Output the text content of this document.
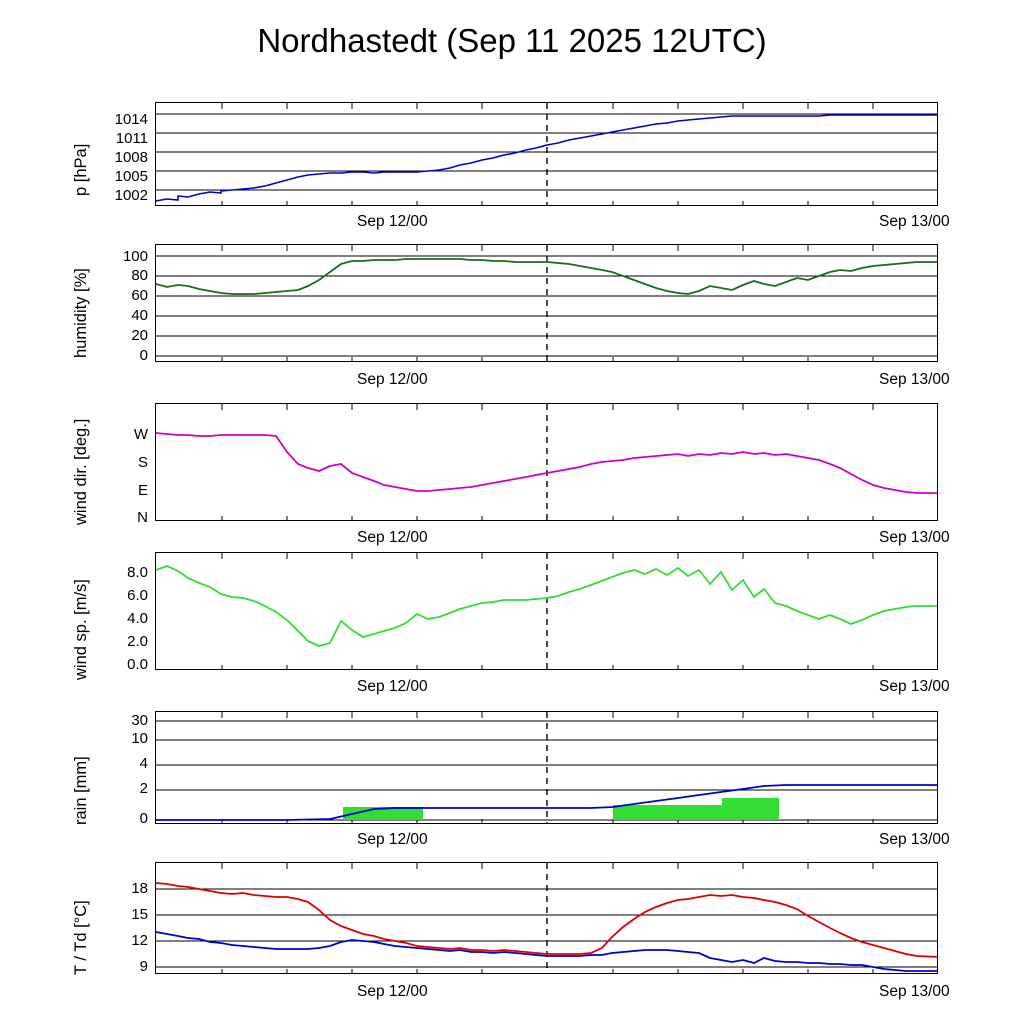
Nordhastedt (Sep 11 2025 12UTC)
p [hPa]
1014
1011
1008
1005
1002
Sep 12/00	Sep 13/00
humidity [%]
100
80
60
40
20
0
Sep 12/00	Sep 13/00
wind dir. [deg.]	W
S
E
N
Sep 12/00	Sep 13/00
wind sp. [m/s]
8.0
6.0
4.0
2.0
0.0
Sep 12/00	Sep 13/00
rain [mm]
30
10
4
2
0
Sep 12/00	Sep 13/00
T / Td [°C]
18
15
12
9
Sep 12/00	Sep 13/00
